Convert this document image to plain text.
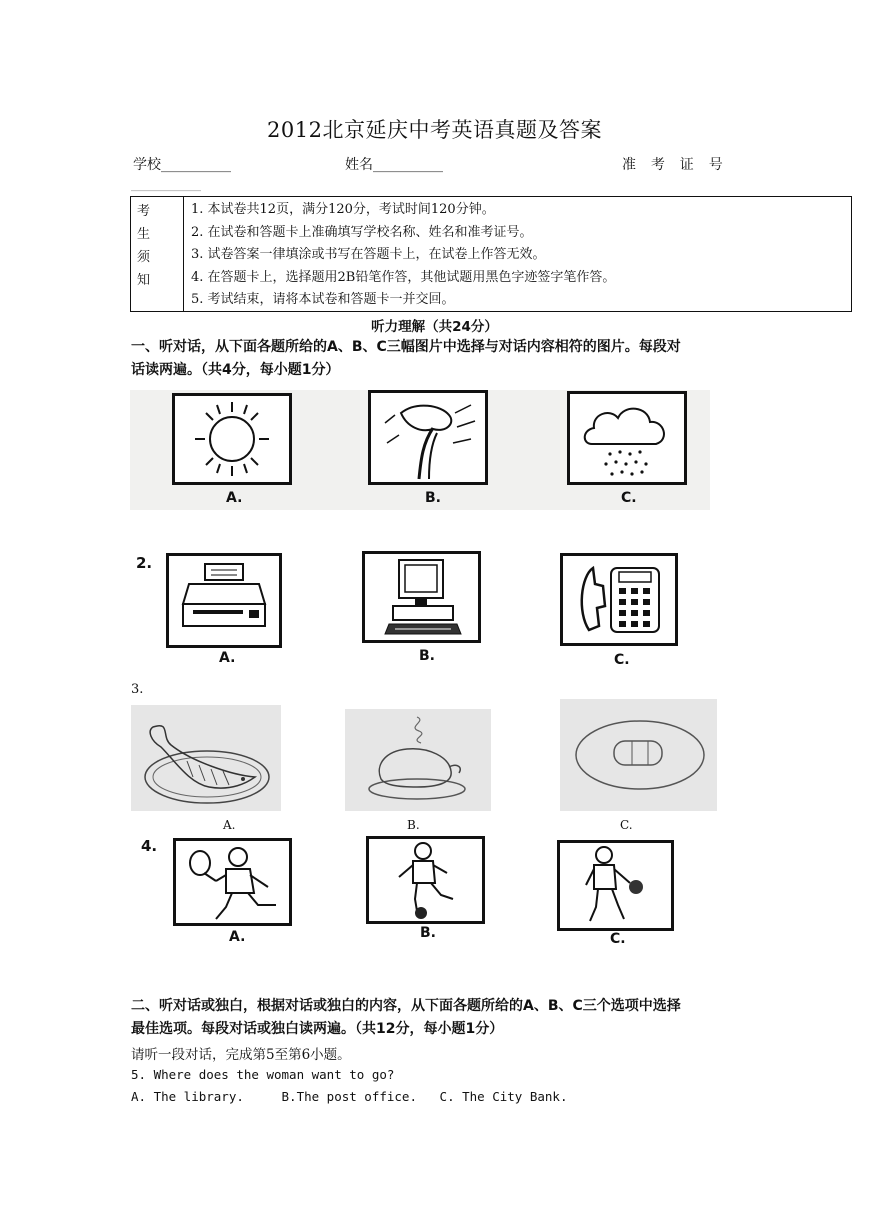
2012北京延庆中考英语真题及答案
学校__________	姓名__________	准  考  证  号
__________
考
生
须
知
1. 本试卷共12页，满分120分，考试时间120分钟。
2. 在试卷和答题卡上准确填写学校名称、姓名和准考证号。
3. 试卷答案一律填涂或书写在答题卡上，在试卷上作答无效。
4. 在答题卡上，选择题用2B铅笔作答，其他试题用黑色字迹签字笔作答。
5. 考试结束，请将本试卷和答题卡一并交回。
听力理解（共24分）
一、听对话，从下面各题所给的A、B、C三幅图片中选择与对话内容相符的图片。每段对
话读两遍。（共4分，每小题1分）
A.	B.	C.
2.
A.	B.	C.
3.
A.	B.	C.
4.
A.	B.	C.
二、听对话或独白，根据对话或独白的内容，从下面各题所给的A、B、C三个选项中选择
最佳选项。每段对话或独白读两遍。（共12分，每小题1分）
请听一段对话，完成第5至第6小题。
5. Where does the woman want to go?
A. The library.     B.The post office.   C. The City Bank.
